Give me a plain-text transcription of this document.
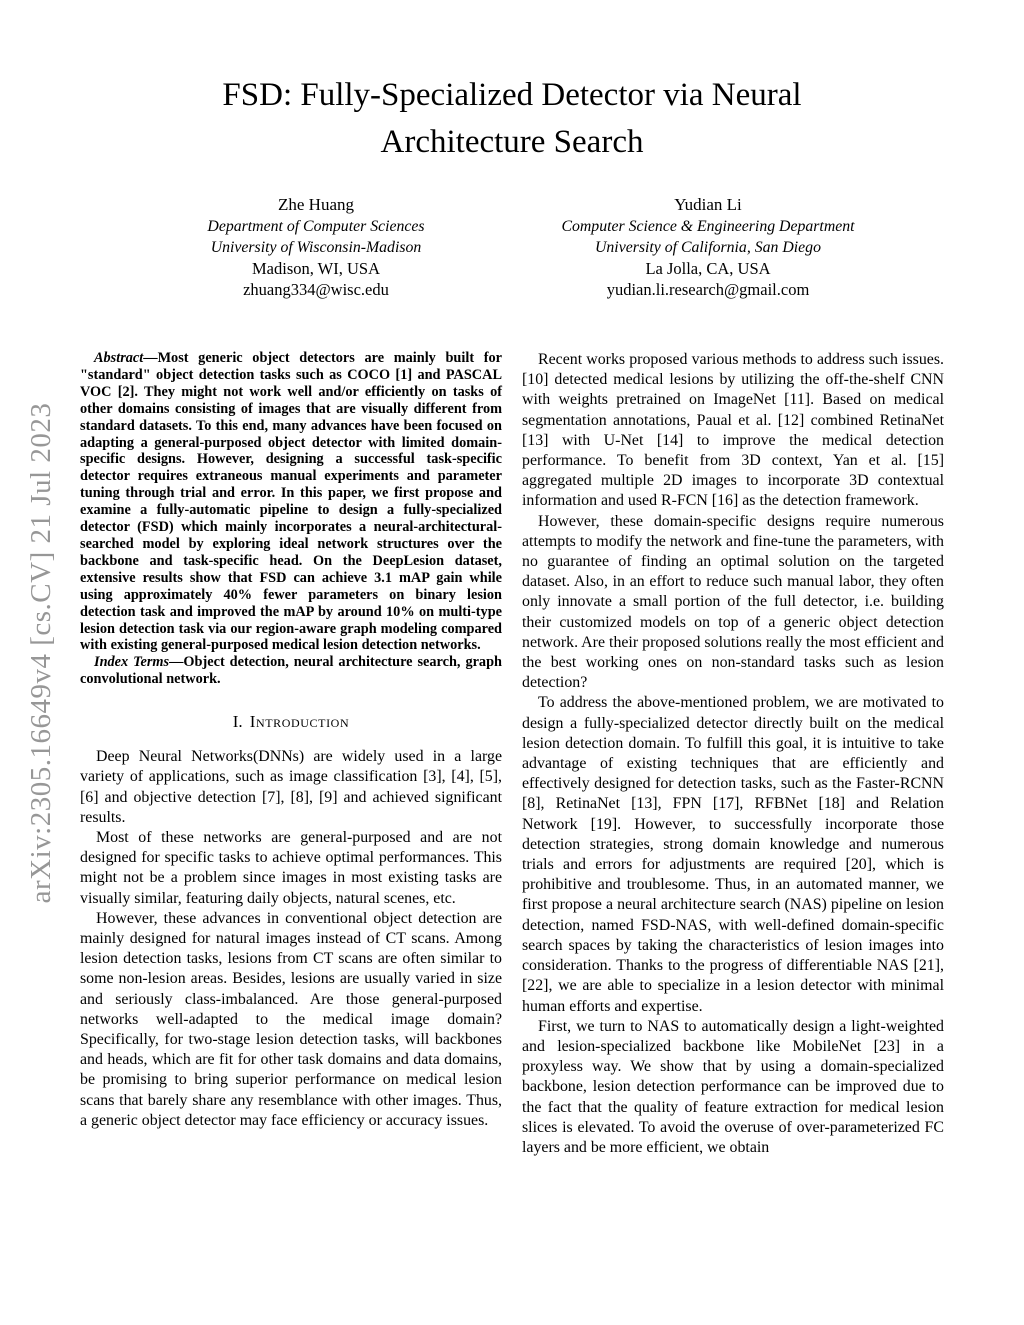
arXiv:2305.16649v4 [cs.CV] 21 Jul 2023
FSD: Fully-Specialized Detector via Neural
Architecture Search
Zhe Huang
Department of Computer Sciences
University of Wisconsin-Madison
Madison, WI, USA
zhuang334@wisc.edu
Yudian Li
Computer Science & Engineering Department
University of California, San Diego
La Jolla, CA, USA
yudian.li.research@gmail.com

Abstract—Most generic object detectors are mainly built for "standard" object detection tasks such as COCO [1] and PASCAL VOC [2]. They might not work well and/or efficiently on tasks of other domains consisting of images that are visually different from standard datasets. To this end, many advances have been focused on adapting a general-purposed object detector with limited domain-specific designs. However, designing a successful task-specific detector requires extraneous manual experiments and parameter tuning through trial and error. In this paper, we first propose and examine a fully-automatic pipeline to design a fully-specialized detector (FSD) which mainly incorporates a neural-architectural-searched model by exploring ideal network structures over the backbone and task-specific head. On the DeepLesion dataset, extensive results show that FSD can achieve 3.1 mAP gain while using approximately 40% fewer parameters on binary lesion detection task and improved the mAP by around 10% on multi-type lesion detection task via our region-aware graph modeling compared with existing general-purposed medical lesion detection networks.

Index Terms—Object detection, neural architecture search, graph convolutional network.

I. Introduction

Deep Neural Networks(DNNs) are widely used in a large variety of applications, such as image classification [3], [4], [5], [6] and objective detection [7], [8], [9] and achieved significant results.

Most of these networks are general-purposed and are not designed for specific tasks to achieve optimal performances. This might not be a problem since images in most existing tasks are visually similar, featuring daily objects, natural scenes, etc.

However, these advances in conventional object detection are mainly designed for natural images instead of CT scans. Among lesion detection tasks, lesions from CT scans are often similar to some non-lesion areas. Besides, lesions are usually varied in size and seriously class-imbalanced. Are those general-purposed networks well-adapted to the medical image domain? Specifically, for two-stage lesion detection tasks, will backbones and heads, which are fit for other task domains and data domains, be promising to bring superior performance on medical lesion scans that barely share any resemblance with other images. Thus, a generic object detector may face efficiency or accuracy issues.

Recent works proposed various methods to address such issues. [10] detected medical lesions by utilizing the off-the-shelf CNN with weights pretrained on ImageNet [11]. Based on medical segmentation annotations, Paual et al. [12] combined RetinaNet [13] with U-Net [14] to improve the medical detection performance. To benefit from 3D context, Yan et al. [15] aggregated multiple 2D images to incorporate 3D contextual information and used R-FCN [16] as the detection framework.

However, these domain-specific designs require numerous attempts to modify the network and fine-tune the parameters, with no guarantee of finding an optimal solution on the targeted dataset. Also, in an effort to reduce such manual labor, they often only innovate a small portion of the full detector, i.e. building their customized models on top of a generic object detection network. Are their proposed solutions really the most efficient and the best working ones on non-standard tasks such as lesion detection?

To address the above-mentioned problem, we are motivated to design a fully-specialized detector directly built on the medical lesion detection domain. To fulfill this goal, it is intuitive to take advantage of existing techniques that are efficiently and effectively designed for detection tasks, such as the Faster-RCNN [8], RetinaNet [13], FPN [17], RFBNet [18] and Relation Network [19]. However, to successfully incorporate those detection strategies, strong domain knowledge and numerous trials and errors for adjustments are required [20], which is prohibitive and troublesome. Thus, in an automated manner, we first propose a neural architecture search (NAS) pipeline on lesion detection, named FSD-NAS, with well-defined domain-specific search spaces by taking the characteristics of lesion images into consideration. Thanks to the progress of differentiable NAS [21], [22], we are able to specialize in a lesion detector with minimal human efforts and expertise.

First, we turn to NAS to automatically design a light-weighted and lesion-specialized backbone like MobileNet [23] in a proxyless way. We show that by using a domain-specialized backbone, lesion detection performance can be improved due to the fact that the quality of feature extraction for medical lesion slices is elevated. To avoid the overuse of over-parameterized FC layers and be more efficient, we obtain
